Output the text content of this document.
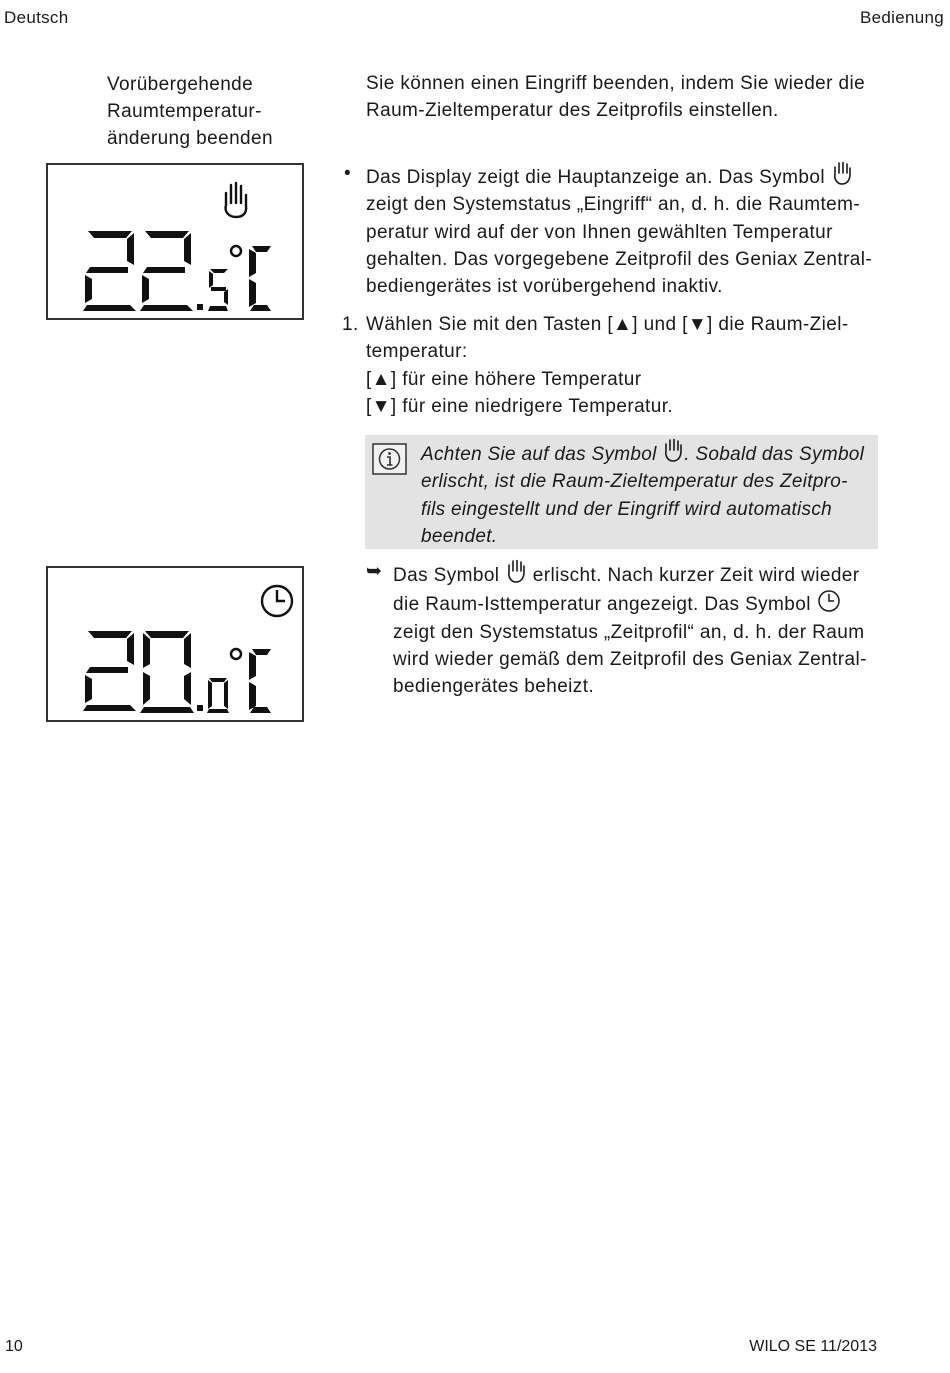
Deutsch	Bedienung

Vorübergehende

Raumtemperatur-

änderung beenden

Sie können einen Eingriff beenden, indem Sie wieder die

Raum-Zieltemperatur des Zeitprofils einstellen.

• Das Display zeigt die Hauptanzeige an. Das Symbol

zeigt den Systemstatus „Eingriff“ an, d. h. die Raumtem-

peratur wird auf der von Ihnen gewählten Temperatur

gehalten. Das vorgegebene Zeitprofil des Geniax Zentral-

bediengerätes ist vorübergehend inaktiv.

1. Wählen Sie mit den Tasten [▲] und [▼] die Raum-Ziel-

temperatur:

[▲] für eine höhere Temperatur

[▼] für eine niedrigere Temperatur.

Achten Sie auf das Symbol . Sobald das Symbol

erlischt, ist die Raum-Zieltemperatur des Zeitpro-

fils eingestellt und der Eingriff wird automatisch

beendet.

➥ Das Symbol erlischt. Nach kurzer Zeit wird wieder

die Raum-Isttemperatur angezeigt. Das Symbol

zeigt den Systemstatus „Zeitprofil“ an, d. h. der Raum

wird wieder gemäß dem Zeitprofil des Geniax Zentral-

bediengerätes beheizt.

10	WILO SE 11/2013
